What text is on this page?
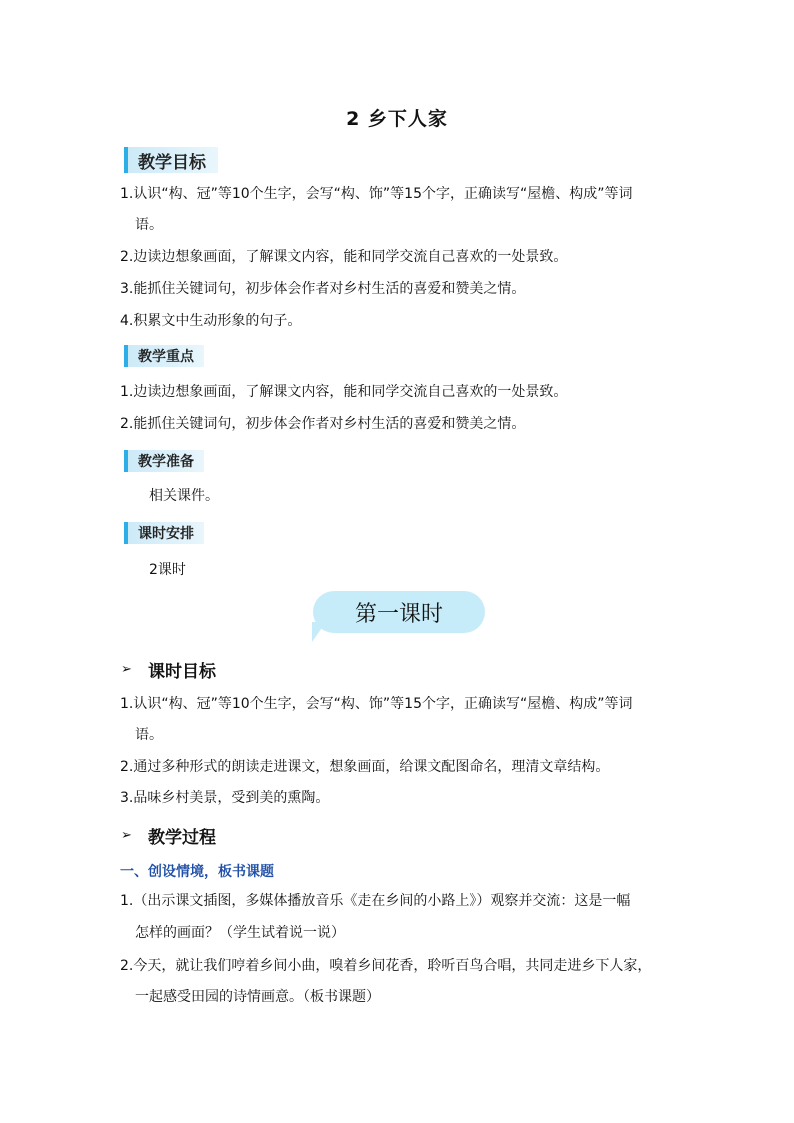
2 乡下人家
教学目标
1.认识“构、冠”等10个生字，会写“构、饰”等15个字，正确读写“屋檐、构成”等词
语。
2.边读边想象画面，了解课文内容，能和同学交流自己喜欢的一处景致。
3.能抓住关键词句，初步体会作者对乡村生活的喜爱和赞美之情。
4.积累文中生动形象的句子。
教学重点
1.边读边想象画面，了解课文内容，能和同学交流自己喜欢的一处景致。
2.能抓住关键词句，初步体会作者对乡村生活的喜爱和赞美之情。
教学准备
相关课件。
课时安排
2课时
第一课时
➢ 课时目标
1.认识“构、冠”等10个生字，会写“构、饰”等15个字，正确读写“屋檐、构成”等词
语。
2.通过多种形式的朗读走进课文，想象画面，给课文配图命名，理清文章结构。
3.品味乡村美景，受到美的熏陶。
➢ 教学过程
一、创设情境，板书课题
1.（出示课文插图，多媒体播放音乐《走在乡间的小路上》）观察并交流：这是一幅
怎样的画面？（学生试着说一说）
2.今天，就让我们哼着乡间小曲，嗅着乡间花香，聆听百鸟合唱，共同走进乡下人家，
一起感受田园的诗情画意。（板书课题）
